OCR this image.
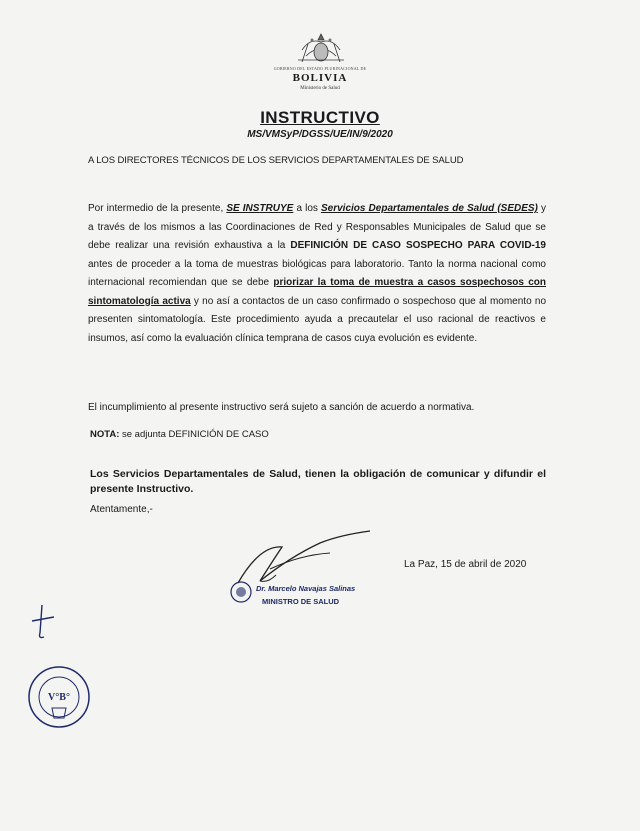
GOBIERNO DEL ESTADO PLURINACIONAL DE
BOLIVIA
Ministerio de Salud
INSTRUCTIVO
MS/VMSyP/DGSS/UE/IN/9/2020
A LOS DIRECTORES TÉCNICOS DE LOS SERVICIOS DEPARTAMENTALES DE SALUD
Por intermedio de la presente, SE INSTRUYE a los Servicios Departamentales de Salud (SEDES) y a través de los mismos a las Coordinaciones de Red y Responsables Municipales de Salud que se debe realizar una revisión exhaustiva a la DEFINICIÓN DE CASO SOSPECHO PARA COVID-19 antes de proceder a la toma de muestras biológicas para laboratorio. Tanto la norma nacional como internacional recomiendan que se debe priorizar la toma de muestra a casos sospechosos con sintomatología activa y no así a contactos de un caso confirmado o sospechoso que al momento no presenten sintomatología. Este procedimiento ayuda a precautelar el uso racional de reactivos e insumos, así como la evaluación clínica temprana de casos cuya evolución es evidente.
El incumplimiento al presente instructivo será sujeto a sanción de acuerdo a normativa.
NOTA: se adjunta DEFINICIÓN DE CASO
Los Servicios Departamentales de Salud, tienen la obligación de comunicar y difundir el presente Instructivo.
Atentamente,-
La Paz, 15 de abril de 2020
Dr. Marcelo Navajas Salinas
MINISTRO DE SALUD
V°B°
